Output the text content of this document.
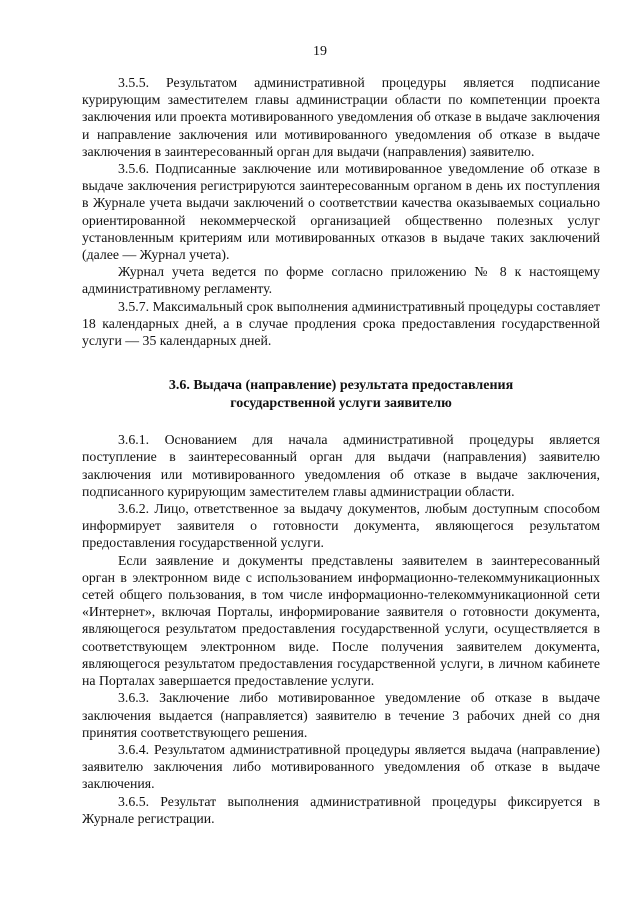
19

3.5.5. Результатом административной процедуры является подписание курирующим заместителем главы администрации области по компетенции проекта заключения или проекта мотивированного уведомления об отказе в выдаче заключения и направление заключения или мотивированного уведомления об отказе в выдаче заключения в заинтересованный орган для выдачи (направления) заявителю.

3.5.6. Подписанные заключение или мотивированное уведомление об отказе в выдаче заключения регистрируются заинтересованным органом в день их поступления в Журнале учета выдачи заключений о соответствии качества оказываемых социально ориентированной некоммерческой организацией общественно полезных услуг установленным критериям или мотивированных отказов в выдаче таких заключений (далее — Журнал учета).

Журнал учета ведется по форме согласно приложению № 8 к настоящему административному регламенту.

3.5.7. Максимальный срок выполнения административный процедуры составляет 18 календарных дней, а в случае продления срока предоставления государственной услуги — 35 календарных дней.

3.6. Выдача (направление) результата предоставления
государственной услуги заявителю

3.6.1. Основанием для начала административной процедуры является поступление в заинтересованный орган для выдачи (направления) заявителю заключения или мотивированного уведомления об отказе в выдаче заключения, подписанного курирующим заместителем главы администрации области.

3.6.2. Лицо, ответственное за выдачу документов, любым доступным способом информирует заявителя о готовности документа, являющегося результатом предоставления государственной услуги.

Если заявление и документы представлены заявителем в заинтересованный орган в электронном виде с использованием информационно-телекоммуникационных сетей общего пользования, в том числе информационно-телекоммуникационной сети «Интернет», включая Порталы, информирование заявителя о готовности документа, являющегося результатом предоставления государственной услуги, осуществляется в соответствующем электронном виде. После получения заявителем документа, являющегося результатом предоставления государственной услуги, в личном кабинете на Порталах завершается предоставление услуги.

3.6.3. Заключение либо мотивированное уведомление об отказе в выдаче заключения выдается (направляется) заявителю в течение 3 рабочих дней со дня принятия соответствующего решения.

3.6.4. Результатом административной процедуры является выдача (направление) заявителю заключения либо мотивированного уведомления об отказе в выдаче заключения.

3.6.5. Результат выполнения административной процедуры фиксируется в Журнале регистрации.
